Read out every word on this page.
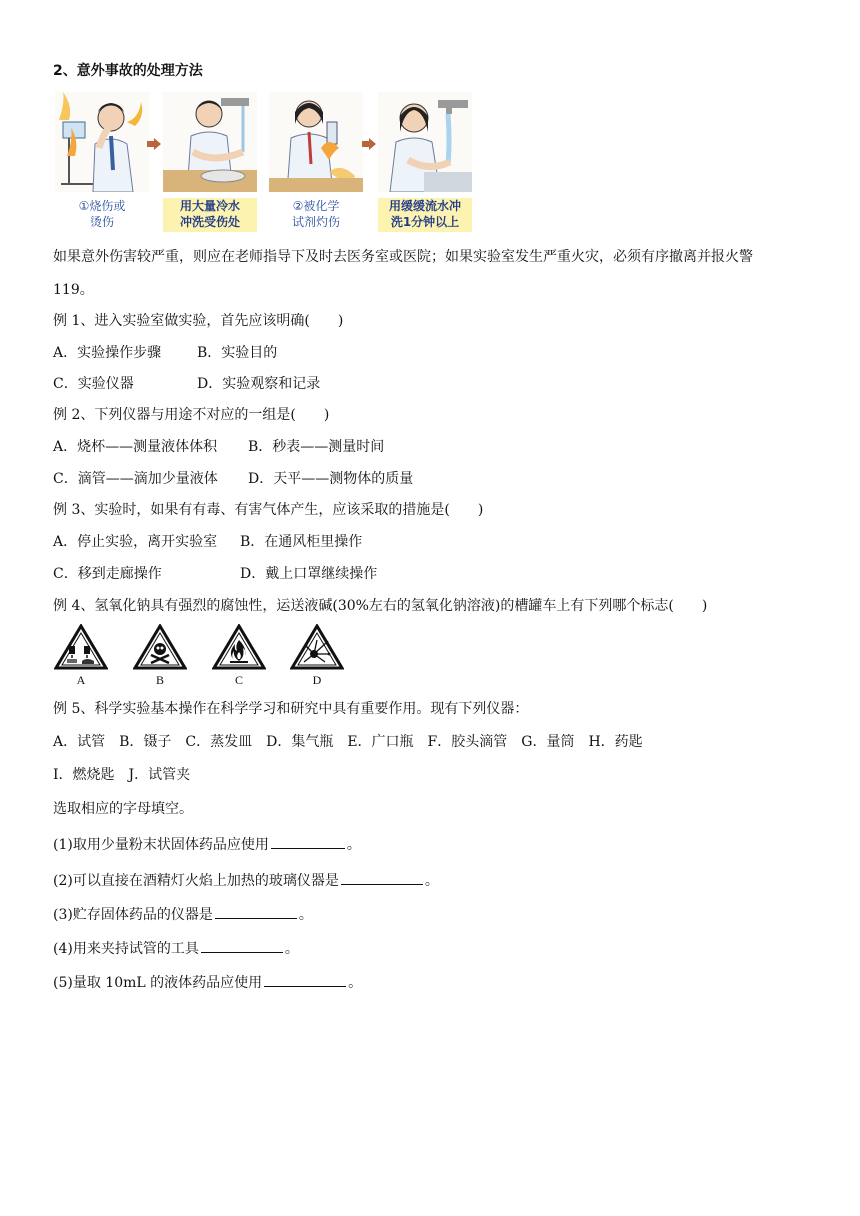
2、意外事故的处理方法
①烧伤或
烫伤
用大量冷水
冲洗受伤处
②被化学
试剂灼伤
用缓缓流水冲
洗1分钟以上
如果意外伤害较严重，则应在老师指导下及时去医务室或医院；如果实验室发生严重火灾，必须有序撤离并报火警
119。
例 1、进入实验室做实验，首先应该明确(　　)
A．实验操作步骤	B．实验目的
C．实验仪器	D．实验观察和记录
例 2、下列仪器与用途不对应的一组是(　　)
A．烧杯——测量液体体积 B．秒表——测量时间
C．滴管——滴加少量液体 D．天平——测物体的质量
例 3、实验时，如果有有毒、有害气体产生，应该采取的措施是(　　)
A．停止实验，离开实验室 B．在通风柜里操作
C．移到走廊操作	D．戴上口罩继续操作
例 4、氢氧化钠具有强烈的腐蚀性，运送液碱(30%左右的氢氧化钠溶液)的槽罐车上有下列哪个标志(　　)
A	B	C	D
例 5、科学实验基本操作在科学学习和研究中具有重要作用。现有下列仪器：
A．试管　B．镊子　C．蒸发皿　D．集气瓶　E．广口瓶　F．胶头滴管　G．量筒　H．药匙
I．燃烧匙　J．试管夹
选取相应的字母填空。
(1)取用少量粉末状固体药品应使用	。
(2)可以直接在酒精灯火焰上加热的玻璃仪器是	。
(3)贮存固体药品的仪器是	。
(4)用来夹持试管的工具	。
(5)量取 10mL 的液体药品应使用	。
